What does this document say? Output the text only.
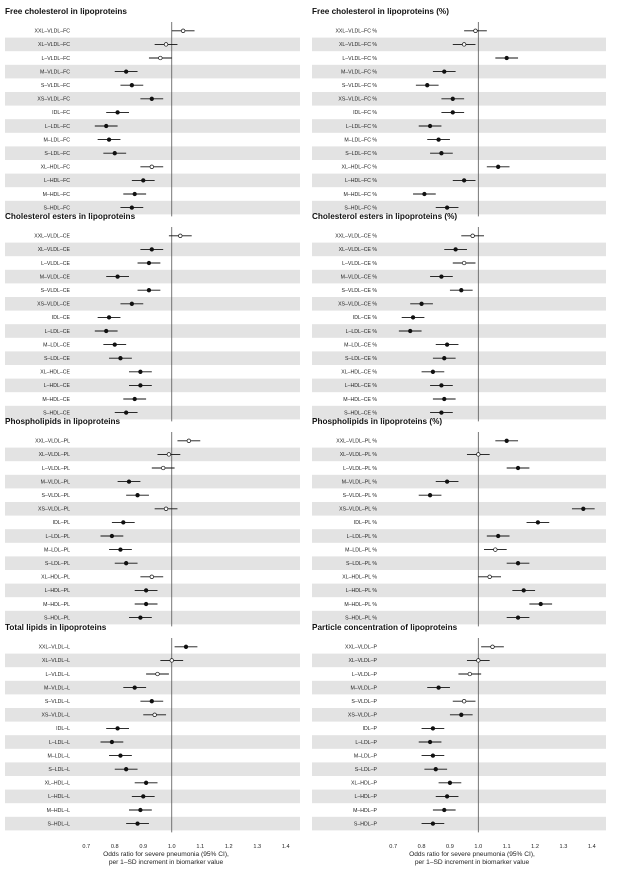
Free cholesterol in lipoproteins
XXL–VLDL–FC
XL–VLDL–FC
L–VLDL–FC
M–VLDL–FC
S–VLDL–FC
XS–VLDL–FC
IDL–FC
L–LDL–FC
M–LDL–FC
S–LDL–FC
XL–HDL–FC
L–HDL–FC
M–HDL–FC
S–HDL–FC
Free cholesterol in lipoproteins (%)
XXL–VLDL–FC %
XL–VLDL–FC %
L–VLDL–FC %
M–VLDL–FC %
S–VLDL–FC %
XS–VLDL–FC %
IDL–FC %
L–LDL–FC %
M–LDL–FC %
S–LDL–FC %
XL–HDL–FC %
L–HDL–FC %
M–HDL–FC %
S–HDL–FC %
Cholesterol esters in lipoproteins
XXL–VLDL–CE
XL–VLDL–CE
L–VLDL–CE
M–VLDL–CE
S–VLDL–CE
XS–VLDL–CE
IDL–CE
L–LDL–CE
M–LDL–CE
S–LDL–CE
XL–HDL–CE
L–HDL–CE
M–HDL–CE
S–HDL–CE
Cholesterol esters in lipoproteins (%)
XXL–VLDL–CE %
XL–VLDL–CE %
L–VLDL–CE %
M–VLDL–CE %
S–VLDL–CE %
XS–VLDL–CE %
IDL–CE %
L–LDL–CE %
M–LDL–CE %
S–LDL–CE %
XL–HDL–CE %
L–HDL–CE %
M–HDL–CE %
S–HDL–CE %
Phospholipids in lipoproteins
XXL–VLDL–PL
XL–VLDL–PL
L–VLDL–PL
M–VLDL–PL
S–VLDL–PL
XS–VLDL–PL
IDL–PL
L–LDL–PL
M–LDL–PL
S–LDL–PL
XL–HDL–PL
L–HDL–PL
M–HDL–PL
S–HDL–PL
Phospholipids in lipoproteins (%)
XXL–VLDL–PL %
XL–VLDL–PL %
L–VLDL–PL %
M–VLDL–PL %
S–VLDL–PL %
XS–VLDL–PL %
IDL–PL %
L–LDL–PL %
M–LDL–PL %
S–LDL–PL %
XL–HDL–PL %
L–HDL–PL %
M–HDL–PL %
S–HDL–PL %
Total lipids in lipoproteins
XXL–VLDL–L
XL–VLDL–L
L–VLDL–L
M–VLDL–L
S–VLDL–L
XS–VLDL–L
IDL–L
L–LDL–L
M–LDL–L
S–LDL–L
XL–HDL–L
L–HDL–L
M–HDL–L
S–HDL–L
Particle concentration of lipoproteins
XXL–VLDL–P
XL–VLDL–P
L–VLDL–P
M–VLDL–P
S–VLDL–P
XS–VLDL–P
IDL–P
L–LDL–P
M–LDL–P
S–LDL–P
XL–HDL–P
L–HDL–P
M–HDL–P
S–HDL–P
0.7	0.8	0.9	1.0	1.1	1.2	1.3	1.4	0.7	0.8	0.9	1.0	1.1	1.2	1.3	1.4
Odds ratio for severe pneumonia (95% CI),
per 1–SD increment in biomarker value
Odds ratio for severe pneumonia (95% CI),
per 1–SD increment in biomarker value
